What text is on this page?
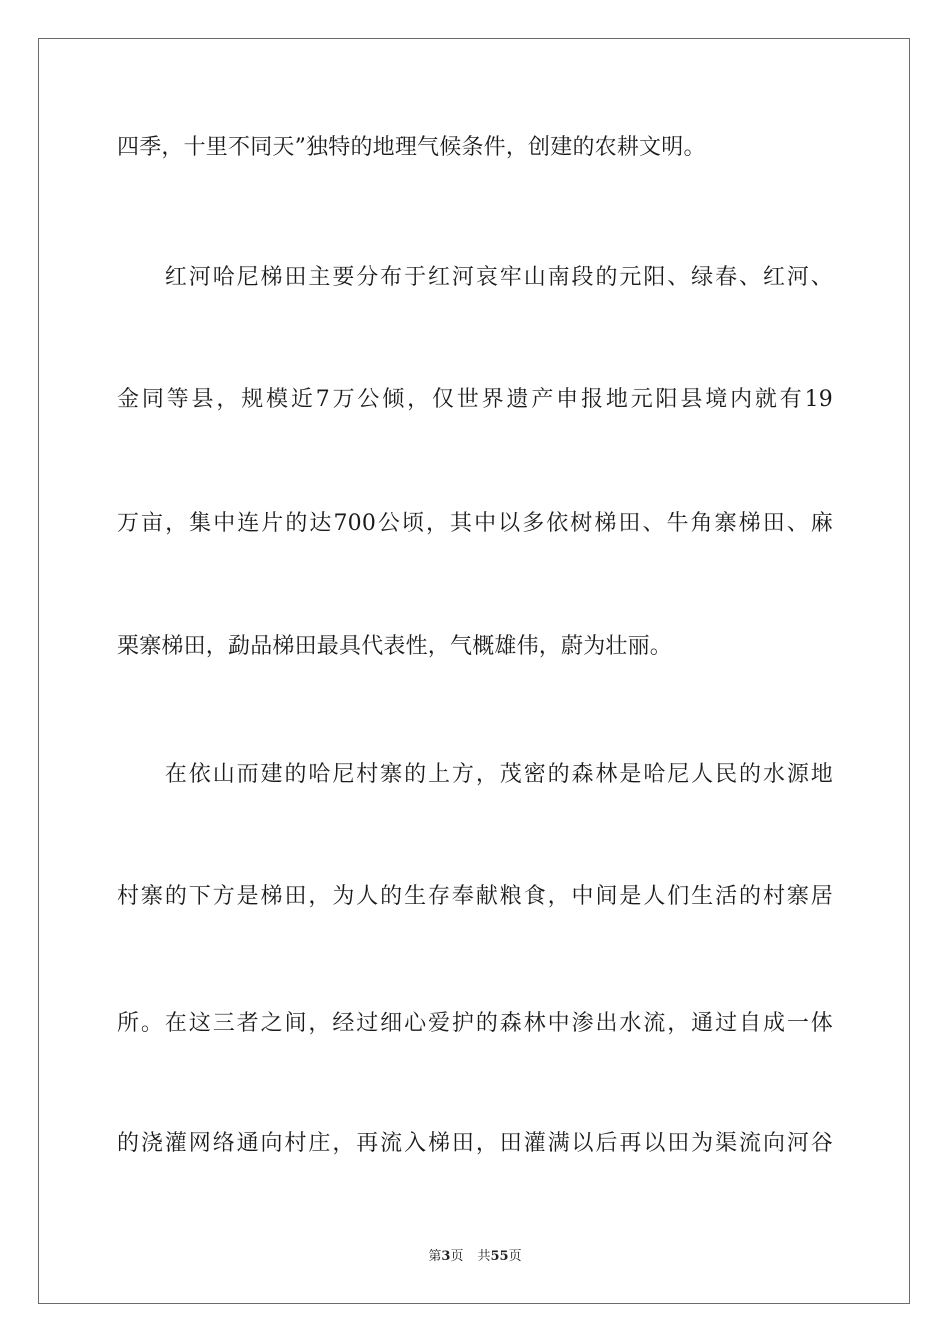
四季，十里不同天”独特的地理气候条件，创建的农耕文明。
　　红河哈尼梯田主要分布于红河哀牢山南段的元阳、绿春、红河、
金同等县，规模近7万公倾，仅世界遗产申报地元阳县境内就有19
万亩，集中连片的达700公顷，其中以多依树梯田、牛角寨梯田、麻
栗寨梯田，勐品梯田最具代表性，气概雄伟，蔚为壮丽。
　　在依山而建的哈尼村寨的上方，茂密的森林是哈尼人民的水源地
村寨的下方是梯田，为人的生存奉献粮食，中间是人们生活的村寨居
所。在这三者之间，经过细心爱护的森林中渗出水流，通过自成一体
的浇灌网络通向村庄，再流入梯田，田灌满以后再以田为渠流向河谷
第3页 共55页
